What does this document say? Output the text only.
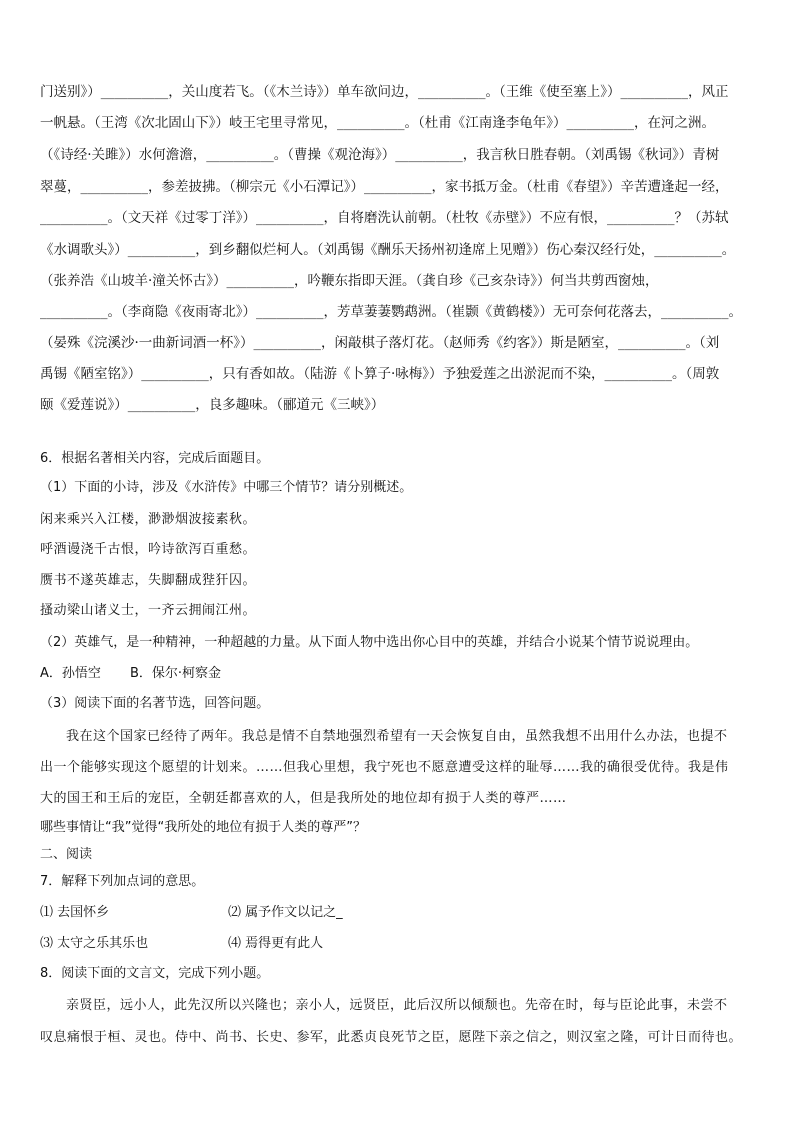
门送别》）__________，关山度若飞。（《木兰诗》）单车欲问边，__________。（王维《使至塞上》）__________，风正
一帆悬。（王湾《次北固山下》）岐王宅里寻常见，__________。（杜甫《江南逢李龟年》）__________，在河之洲。
（《诗经·关雎》）水何澹澹，__________。（曹操《观沧海》）__________，我言秋日胜春朝。（刘禹锡《秋词》）青树
翠蔓，__________，参差披拂。（柳宗元《小石潭记》）__________，家书抵万金。（杜甫《春望》）辛苦遭逢起一经，
__________。（文天祥《过零丁洋》）__________，自将磨洗认前朝。（杜牧《赤壁》）不应有恨，__________？（苏轼
《水调歌头》）__________，到乡翻似烂柯人。（刘禹锡《酬乐天扬州初逢席上见赠》）伤心秦汉经行处，__________。
（张养浩《山坡羊·潼关怀古》）__________，吟鞭东指即天涯。（龚自珍《己亥杂诗》）何当共剪西窗烛，
__________。（李商隐《夜雨寄北》）__________，芳草萋萋鹦鹉洲。（崔颢《黄鹤楼》）无可奈何花落去，__________。
（晏殊《浣溪沙·一曲新词酒一杯》）__________，闲敲棋子落灯花。（赵师秀《约客》）斯是陋室，__________。（刘
禹锡《陋室铭》）__________，只有香如故。（陆游《卜算子·咏梅》）予独爱莲之出淤泥而不染，__________。（周敦
颐《爱莲说》）__________，良多趣味。（郦道元《三峡》）
6．根据名著相关内容，完成后面题目。
（1）下面的小诗，涉及《水浒传》中哪三个情节？请分别概述。
闲来乘兴入江楼，渺渺烟波接素秋。
呼酒谩浇千古恨，吟诗欲泻百重愁。
赝书不遂英雄志，失脚翻成狴犴囚。
搔动梁山诸义士，一齐云拥闹江州。
（2）英雄气，是一种精神，一种超越的力量。从下面人物中选出你心目中的英雄，并结合小说某个情节说说理由。
A．孙悟空 B．保尔·柯察金
（3）阅读下面的名著节选，回答问题。
我在这个国家已经待了两年。我总是情不自禁地强烈希望有一天会恢复自由，虽然我想不出用什么办法，也提不
出一个能够实现这个愿望的计划来。……但我心里想，我宁死也不愿意遭受这样的耻辱……我的确很受优待。我是伟
大的国王和王后的宠臣，全朝廷都喜欢的人，但是我所处的地位却有损于人类的尊严……
哪些事情让“我”觉得“我所处的地位有损于人类的尊严”？
二、阅读
7．解释下列加点词的意思。
⑴ 去国怀乡	⑵ 属予作文以记之_
⑶ 太守之乐其乐也	⑷ 焉得更有此人
8．阅读下面的文言文，完成下列小题。
亲贤臣，远小人，此先汉所以兴隆也；亲小人，远贤臣，此后汉所以倾颓也。先帝在时，每与臣论此事，未尝不
叹息痛恨于桓、灵也。侍中、尚书、长史、参军，此悉贞良死节之臣，愿陛下亲之信之，则汉室之隆，可计日而待也。
